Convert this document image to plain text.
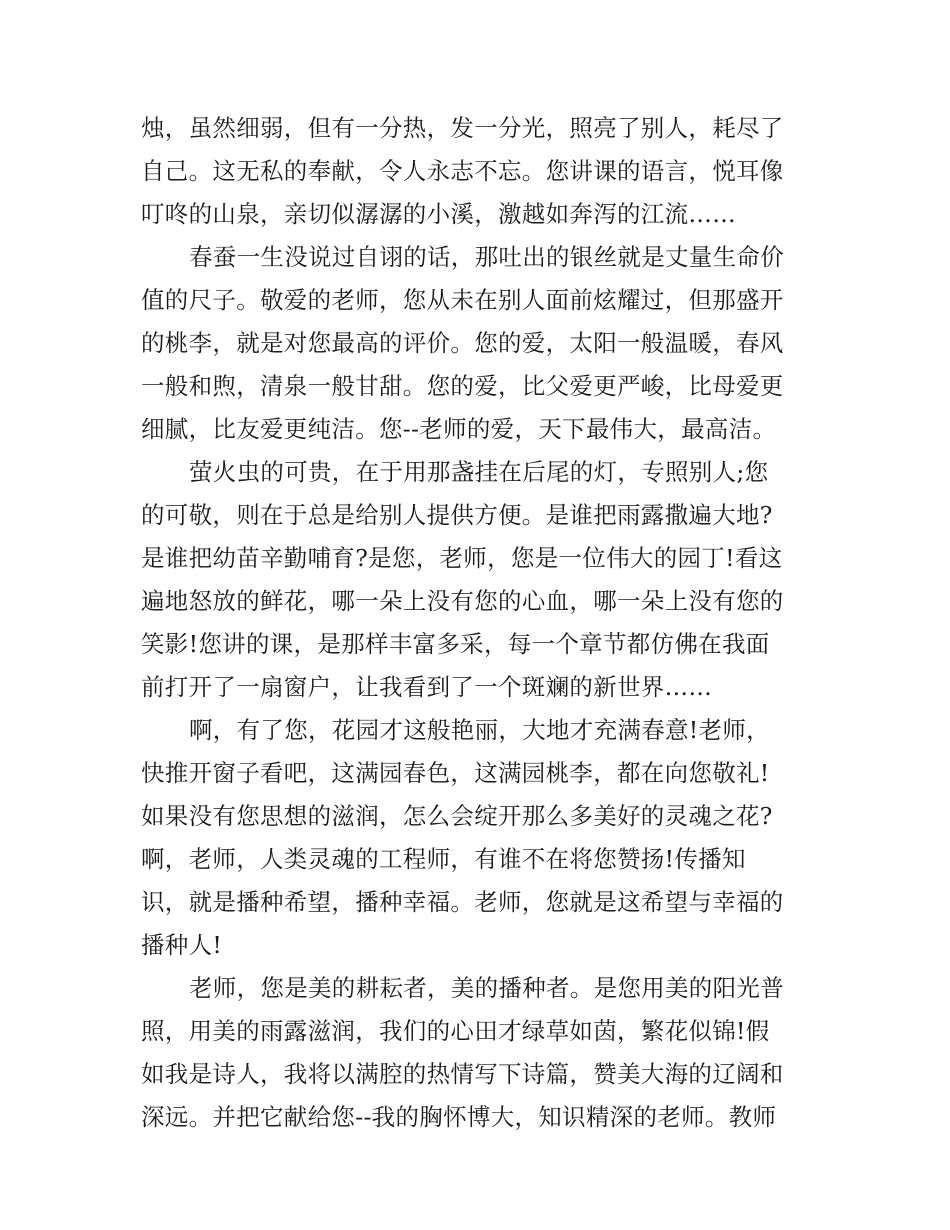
烛，虽然细弱，但有一分热，发一分光，照亮了别人，耗尽了
自己。这无私的奉献，令人永志不忘。您讲课的语言，悦耳像
叮咚的山泉，亲切似潺潺的小溪，激越如奔泻的江流……
春蚕一生没说过自诩的话，那吐出的银丝就是丈量生命价
值的尺子。敬爱的老师，您从未在别人面前炫耀过，但那盛开
的桃李，就是对您最高的评价。您的爱，太阳一般温暖，春风
一般和煦，清泉一般甘甜。您的爱，比父爱更严峻，比母爱更
细腻，比友爱更纯洁。您--老师的爱，天下最伟大，最高洁。
萤火虫的可贵，在于用那盏挂在后尾的灯，专照别人;您
的可敬，则在于总是给别人提供方便。是谁把雨露撒遍大地?
是谁把幼苗辛勤哺育?是您，老师，您是一位伟大的园丁!看这
遍地怒放的鲜花，哪一朵上没有您的心血，哪一朵上没有您的
笑影!您讲的课，是那样丰富多采，每一个章节都仿佛在我面
前打开了一扇窗户，让我看到了一个斑斓的新世界……
啊，有了您，花园才这般艳丽，大地才充满春意!老师，
快推开窗子看吧，这满园春色，这满园桃李，都在向您敬礼!
如果没有您思想的滋润，怎么会绽开那么多美好的灵魂之花?
啊，老师，人类灵魂的工程师，有谁不在将您赞扬!传播知
识，就是播种希望，播种幸福。老师，您就是这希望与幸福的
播种人!
老师，您是美的耕耘者，美的播种者。是您用美的阳光普
照，用美的雨露滋润，我们的心田才绿草如茵，繁花似锦!假
如我是诗人，我将以满腔的热情写下诗篇，赞美大海的辽阔和
深远。并把它献给您--我的胸怀博大，知识精深的老师。教师
